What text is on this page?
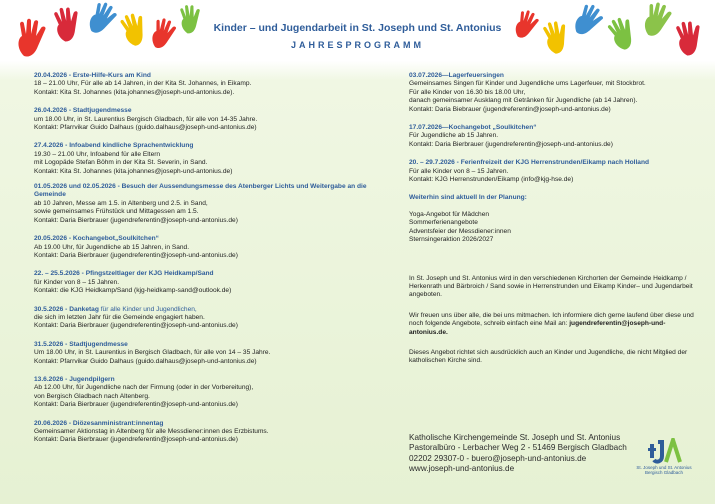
Kinder – und Jugendarbeit in St. Joseph und St. Antonius
JAHRESPROGRAMM
20.04.2026 - Erste-Hilfe-Kurs am Kind
18 – 21.00 Uhr, Für alle ab 14 Jahren, in der Kita St. Johannes, in Eikamp.
Kontakt: Kita St. Johannes (kita.johannes@joseph-und-antonius.de).
26.04.2026 - Stadtjugendmesse
um 18.00 Uhr, in St. Laurentius Bergisch Gladbach, für alle von 14-35 Jahre.
Kontakt: Pfarrvikar Guido Dalhaus (guido.dalhaus@joseph-und-antonius.de)
27.4.2026 - Infoabend kindliche Sprachentwicklung
19.30 – 21.00 Uhr, Infoabend für alle Eltern
mit Logopäde Stefan Böhm in der Kita St. Severin, in Sand.
Kontakt: Kita St. Johannes (kita.johannes@joseph-und-antonius.de)
01.05.2026 und 02.05.2026 - Besuch der Aussendungsmesse des Atenberger Lichts und Weitergabe an die Gemeinde
ab 10 Jahren, Messe am 1.5. in Altenberg und 2.5. in Sand,
sowie gemeinsames Frühstück und Mittagessen am 1.5.
Kontakt: Daria Bierbrauer (jugendreferentin@joseph-und-antonius.de)
20.05.2026 - Kochangebot„Soulkitchen“
Ab 19.00 Uhr, für Jugendliche ab 15 Jahren, in Sand.
Kontakt: Daria Bierbrauer (jugendreferentin@joseph-und-antonius.de)
22. – 25.5.2026 - Pfingstzeltlager der KJG Heidkamp/Sand
für Kinder von 8 – 15 Jahren.
Kontakt: die KJG Heidkamp/Sand (kjg-heidkamp-sand@outlook.de)
30.5.2026 - Danketag für alle Kinder und Jugendlichen,
die sich im letzten Jahr für die Gemeinde engagiert haben.
Kontakt: Daria Bierbrauer (jugendreferentin@joseph-und-antonius.de)
31.5.2026 - Stadtjugendmesse
Um 18.00 Uhr, in St. Laurentius in Bergisch Gladbach, für alle von 14 – 35 Jahre.
Kontakt: Pfarrvikar Guido Dalhaus (guido.dalhaus@joseph-und-antonius.de)
13.6.2026 - Jugendpilgern
Ab 12.00 Uhr, für Jugendliche nach der Firmung (oder in der Vorbereitung),
von Bergisch Gladbach nach Altenberg.
Kontakt: Daria Bierbrauer (jugendreferentin@joseph-und-antonius.de)
20.06.2026 - Diözesanministrant:innentag
Gemeinsamer Aktionstag in Altenberg für alle Messdiener:innen des Erzbistums.
Kontakt: Daria Bierbrauer (jugendreferentin@joseph-und-antonius.de)
03.07.2026—Lagerfeuersingen
Gemeinsames Singen für Kinder und Jugendliche ums Lagerfeuer, mit Stockbrot.
Für alle Kinder von 16.30 bis 18.00 Uhr,
danach gemeinsamer Ausklang mit Getränken für Jugendliche (ab 14 Jahren).
Kontakt: Daria Biebrauer (jugendreferentin@joseph-und-antonius.de)
17.07.2026—Kochangebot „Soulkitchen“
Für Jugendliche ab 15 Jahren.
Kontakt: Daria Bierbrauer (jugendreferentin@joseph-und-antonius.de)
20. – 29.7.2026 - Ferienfreizeit der KJG Herrenstrunden/Eikamp nach Holland
Für alle Kinder von 8 – 15 Jahren.
Kontakt: KJG Herrenstrunden/Eikamp (info@kjg-hse.de)
Weiterhin sind aktuell In der Planung:
Yoga-Angebot für Mädchen
Sommerferienangebote
Adventsfeier der Messdiener:innen
Sternsingeraktion 2026/2027
In St. Joseph und St. Antonius wird in den verschiedenen Kirchorten der Gemeinde Heidkamp / Herkenrath und Bärbroich / Sand sowie in Herrenstrunden und Eikamp Kinder– und Jugendarbeit angeboten.
Wir freuen uns über alle, die bei uns mitmachen. Ich informiere dich gerne laufend über diese und noch folgende Angebote, schreib einfach eine Mail an: jugendreferentin@joseph-und-antonius.de.
Dieses Angebot richtet sich ausdrücklich auch an Kinder und Jugendliche, die nicht Mitglied der katholischen Kirche sind.
Katholische Kirchengemeinde St. Joseph und St. Antonius
Pastoralbüro - Lerbacher Weg 2 - 51469 Bergisch Gladbach
02202 29307-0 - buero@joseph-und-antonius.de
www.joseph-und-antonius.de	St. Joseph und St. Antonius
Bergisch Gladbach
